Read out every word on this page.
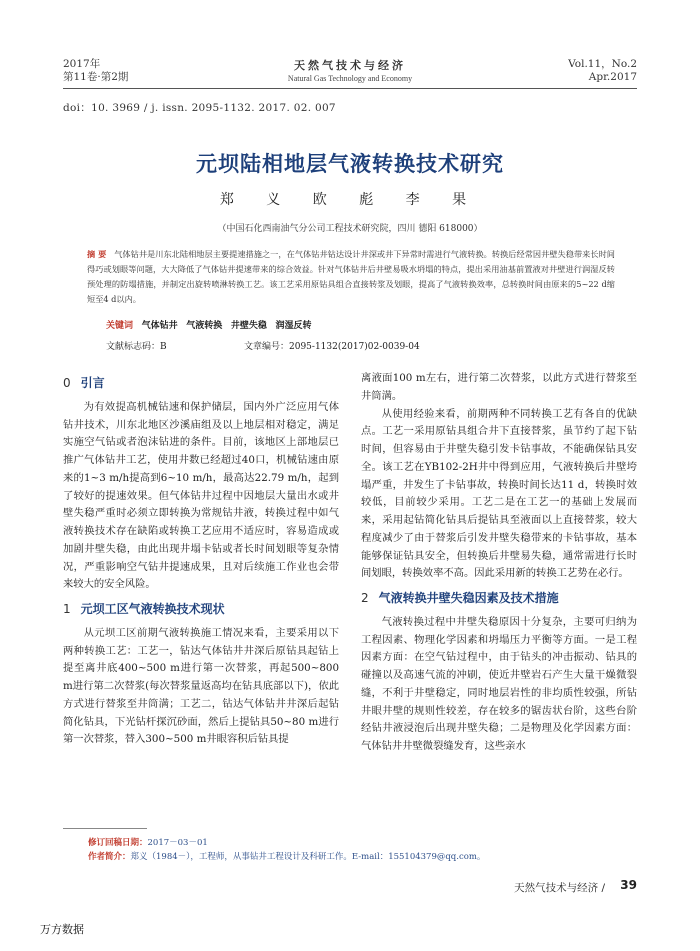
2017年
第11卷·第2期
天然气技术与经济
Natural Gas Technology and Economy
Vol.11，No.2
Apr.2017
doi：10. 3969 / j. issn. 2095-1132. 2017. 02. 007
元坝陆相地层气液转换技术研究
郑 义 欧 彪 李 果
（中国石化西南油气分公司工程技术研究院，四川 德阳 618000）
摘 要 气体钻井是川东北陆相地层主要提速措施之一，在气体钻井钻达设计井深或井下异常时需进行气液转换。转换后经常因井壁失稳带来长时间得巧或划眼等问题，大大降低了气体钻井提速带来的综合效益。针对气体钻井后井壁易吸水坍塌的特点，提出采用油基前置液对井壁进行润湿反转预处理的防塌措施，并制定出旋转喷淋转换工艺。该工艺采用原钻具组合直接转浆及划眼，提高了气液转换效率，总转换时间由原来的5~22 d缩短至4 d以内。
关键词 气体钻井 气液转换 井壁失稳 润湿反转
文献标志码：B	文章编号：2095-1132(2017)02-0039-04
0 引言

为有效提高机械钻速和保护储层，国内外广泛应用气体钻井技术，川东北地区沙溪庙组及以上地层相对稳定，满足实施空气钻或者泡沫钻进的条件。目前，该地区上部地层已推广气体钻井工艺，使用井数已经超过40口，机械钻速由原来的1~3 m/h提高到6~10 m/h，最高达22.79 m/h，起到了较好的提速效果。但气体钻井过程中因地层大量出水或井壁失稳严重时必须立即转换为常规钻井液，转换过程中如气液转换技术存在缺陷或转换工艺应用不适应时，容易造成或加剧井壁失稳，由此出现井塌卡钻或者长时间划眼等复杂情况，严重影响空气钻井提速成果，且对后续施工作业也会带来较大的安全风险。

1 元坝工区气液转换技术现状

从元坝工区前期气液转换施工情况来看，主要采用以下两种转换工艺：工艺一，钻达气体钻井井深后原钻具起钻上提至离井底400~500 m进行第一次替浆，再起500~800 m进行第二次替浆(每次替浆量返高均在钻具底部以下)，依此方式进行替浆至井筒满；工艺二，钻达气体钻井井深后起钻简化钻具，下光钻杆探沉砂面，然后上提钻具50~80 m进行第一次替浆，替入300~500 m井眼容积后钻具提

离液面100 m左右，进行第二次替浆，以此方式进行替浆至井筒满。

从使用经验来看，前期两种不同转换工艺有各自的优缺点。工艺一采用原钻具组合井下直接替浆，虽节约了起下钻时间，但容易由于井壁失稳引发卡钻事故，不能确保钻具安全。该工艺在YB102-2H井中得到应用，气液转换后井壁垮塌严重，井发生了卡钻事故，转换时间长达11 d，转换时效较低，目前较少采用。工艺二是在工艺一的基础上发展而来，采用起钻简化钻具后提钻具至液面以上直接替浆，较大程度减少了由于替浆后引发井壁失稳带来的卡钻事故，基本能够保证钻具安全，但转换后井壁易失稳，通常需进行长时间划眼，转换效率不高。因此采用新的转换工艺势在必行。

2 气液转换井壁失稳因素及技术措施

气液转换过程中井壁失稳原因十分复杂，主要可归纳为工程因素、物理化学因素和坍塌压力平衡等方面。一是工程因素方面：在空气钻过程中，由于钻头的冲击振动、钻具的碰撞以及高速气流的冲刷，使近井壁岩石产生大量干燥微裂缝，不利于井壁稳定，同时地层岩性的非均质性较强，所钻井眼井壁的规则性较差，存在较多的锯齿状台阶，这些台阶经钻井液浸泡后出现井壁失稳；二是物理及化学因素方面：气体钻井井壁微裂缝发育，这些亲水

修订回稿日期：2017－03－01
作者简介：郑义（1984－），工程师，从事钻井工程设计及科研工作。E-mail：155104379@qq.com。
天然气技术与经济 / 39
万方数据
